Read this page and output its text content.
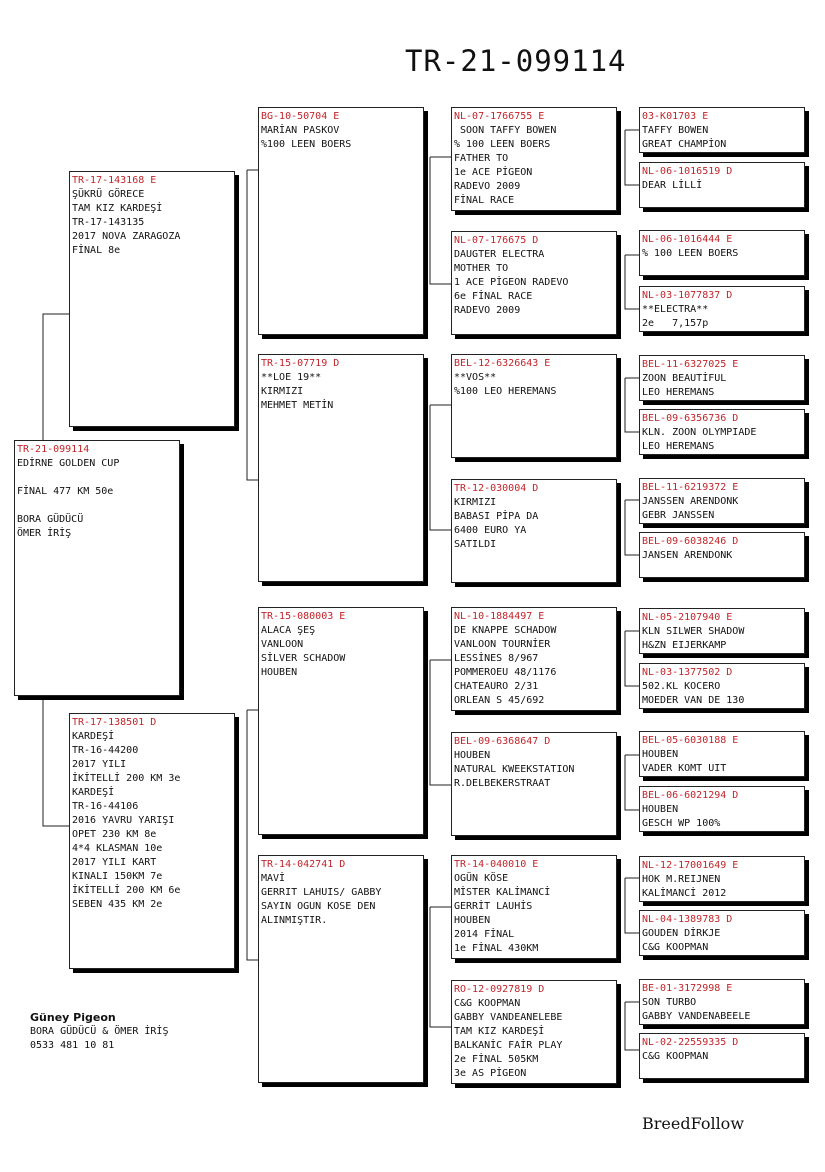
TR-21-099114
TR-21-099114
EDİRNE GOLDEN CUP
FİNAL 477 KM 50e
BORA GÜDÜCÜ
ÖMER İRİŞ
TR-17-143168 E
ŞÜKRÜ GÖRECE
TAM KIZ KARDEŞİ
TR-17-143135
2017 NOVA ZARAGOZA
FİNAL 8e
TR-17-138501 D
KARDEŞİ
TR-16-44200
2017 YILI
İKİTELLİ 200 KM 3e
KARDEŞİ
TR-16-44106
2016 YAVRU YARIŞI
OPET 230 KM 8e
4*4 KLASMAN 10e
2017 YILI KART
KINALI 150KM 7e
İKİTELLİ 200 KM 6e
SEBEN 435 KM 2e
BG-10-50704 E
MARİAN PASKOV
%100 LEEN BOERS
TR-15-07719 D
**LOE 19**
KIRMIZI
MEHMET METİN
TR-15-080003 E
ALACA ŞEŞ
VANLOON
SİLVER SCHADOW
HOUBEN
TR-14-042741 D
MAVİ
GERRIT LAHUIS/ GABBY
SAYIN OGUN KOSE DEN
ALINMIŞTIR.
NL-07-1766755 E
SOON TAFFY BOWEN
% 100 LEEN BOERS
FATHER TO
1e ACE PİGEON
RADEVO 2009
FİNAL RACE
NL-07-176675 D
DAUGTER ELECTRA
MOTHER TO
1 ACE PİGEON RADEVO
6e FİNAL RACE
RADEVO 2009
BEL-12-6326643 E
**VOS**
%100 LEO HEREMANS
TR-12-030004 D
KIRMIZI
BABASI PİPA DA
6400 EURO YA
SATILDI
NL-10-1884497 E
DE KNAPPE SCHADOW
VANLOON TOURNİER
LESSİNES 8/967
POMMEROEU 48/1176
CHATEAURO 2/31
ORLEAN S 45/692
BEL-09-6368647 D
HOUBEN
NATURAL KWEEKSTATION
R.DELBEKERSTRAAT
TR-14-040010 E
OGÜN KÖSE
MİSTER KALİMANCİ
GERRİT LAUHİS
HOUBEN
2014 FİNAL
1e FİNAL 430KM
RO-12-0927819 D
C&G KOOPMAN
GABBY VANDEANELEBE
TAM KIZ KARDEŞİ
BALKANİC FAİR PLAY
2e FİNAL 505KM
3e AS PİGEON
03-K01703 E
TAFFY BOWEN
GREAT CHAMPİON
NL-06-1016519 D
DEAR LİLLİ
NL-06-1016444 E
% 100 LEEN BOERS
NL-03-1077837 D
**ELECTRA**
2e   7,157p
BEL-11-6327025 E
ZOON BEAUTİFUL
LEO HEREMANS
BEL-09-6356736 D
KLN. ZOON OLYMPIADE
LEO HEREMANS
BEL-11-6219372 E
JANSSEN ARENDONK
GEBR JANSSEN
BEL-09-6038246 D
JANSEN ARENDONK
NL-05-2107940 E
KLN SILWER SHADOW
H&ZN EIJERKAMP
NL-03-1377502 D
502.KL KOCERO
MOEDER VAN DE 130
BEL-05-6030188 E
HOUBEN
VADER KOMT UIT
BEL-06-6021294 D
HOUBEN
GESCH WP 100%
NL-12-17001649 E
HOK M.REIJNEN
KALİMANCİ 2012
NL-04-1389783 D
GOUDEN DİRKJE
C&G KOOPMAN
BE-01-3172998 E
SON TURBO
GABBY VANDENABEELE
NL-02-22559335 D
C&G KOOPMAN
Güney Pigeon
BORA GÜDÜCÜ & ÖMER İRİŞ
0533 481 10 81
BreedFollow
